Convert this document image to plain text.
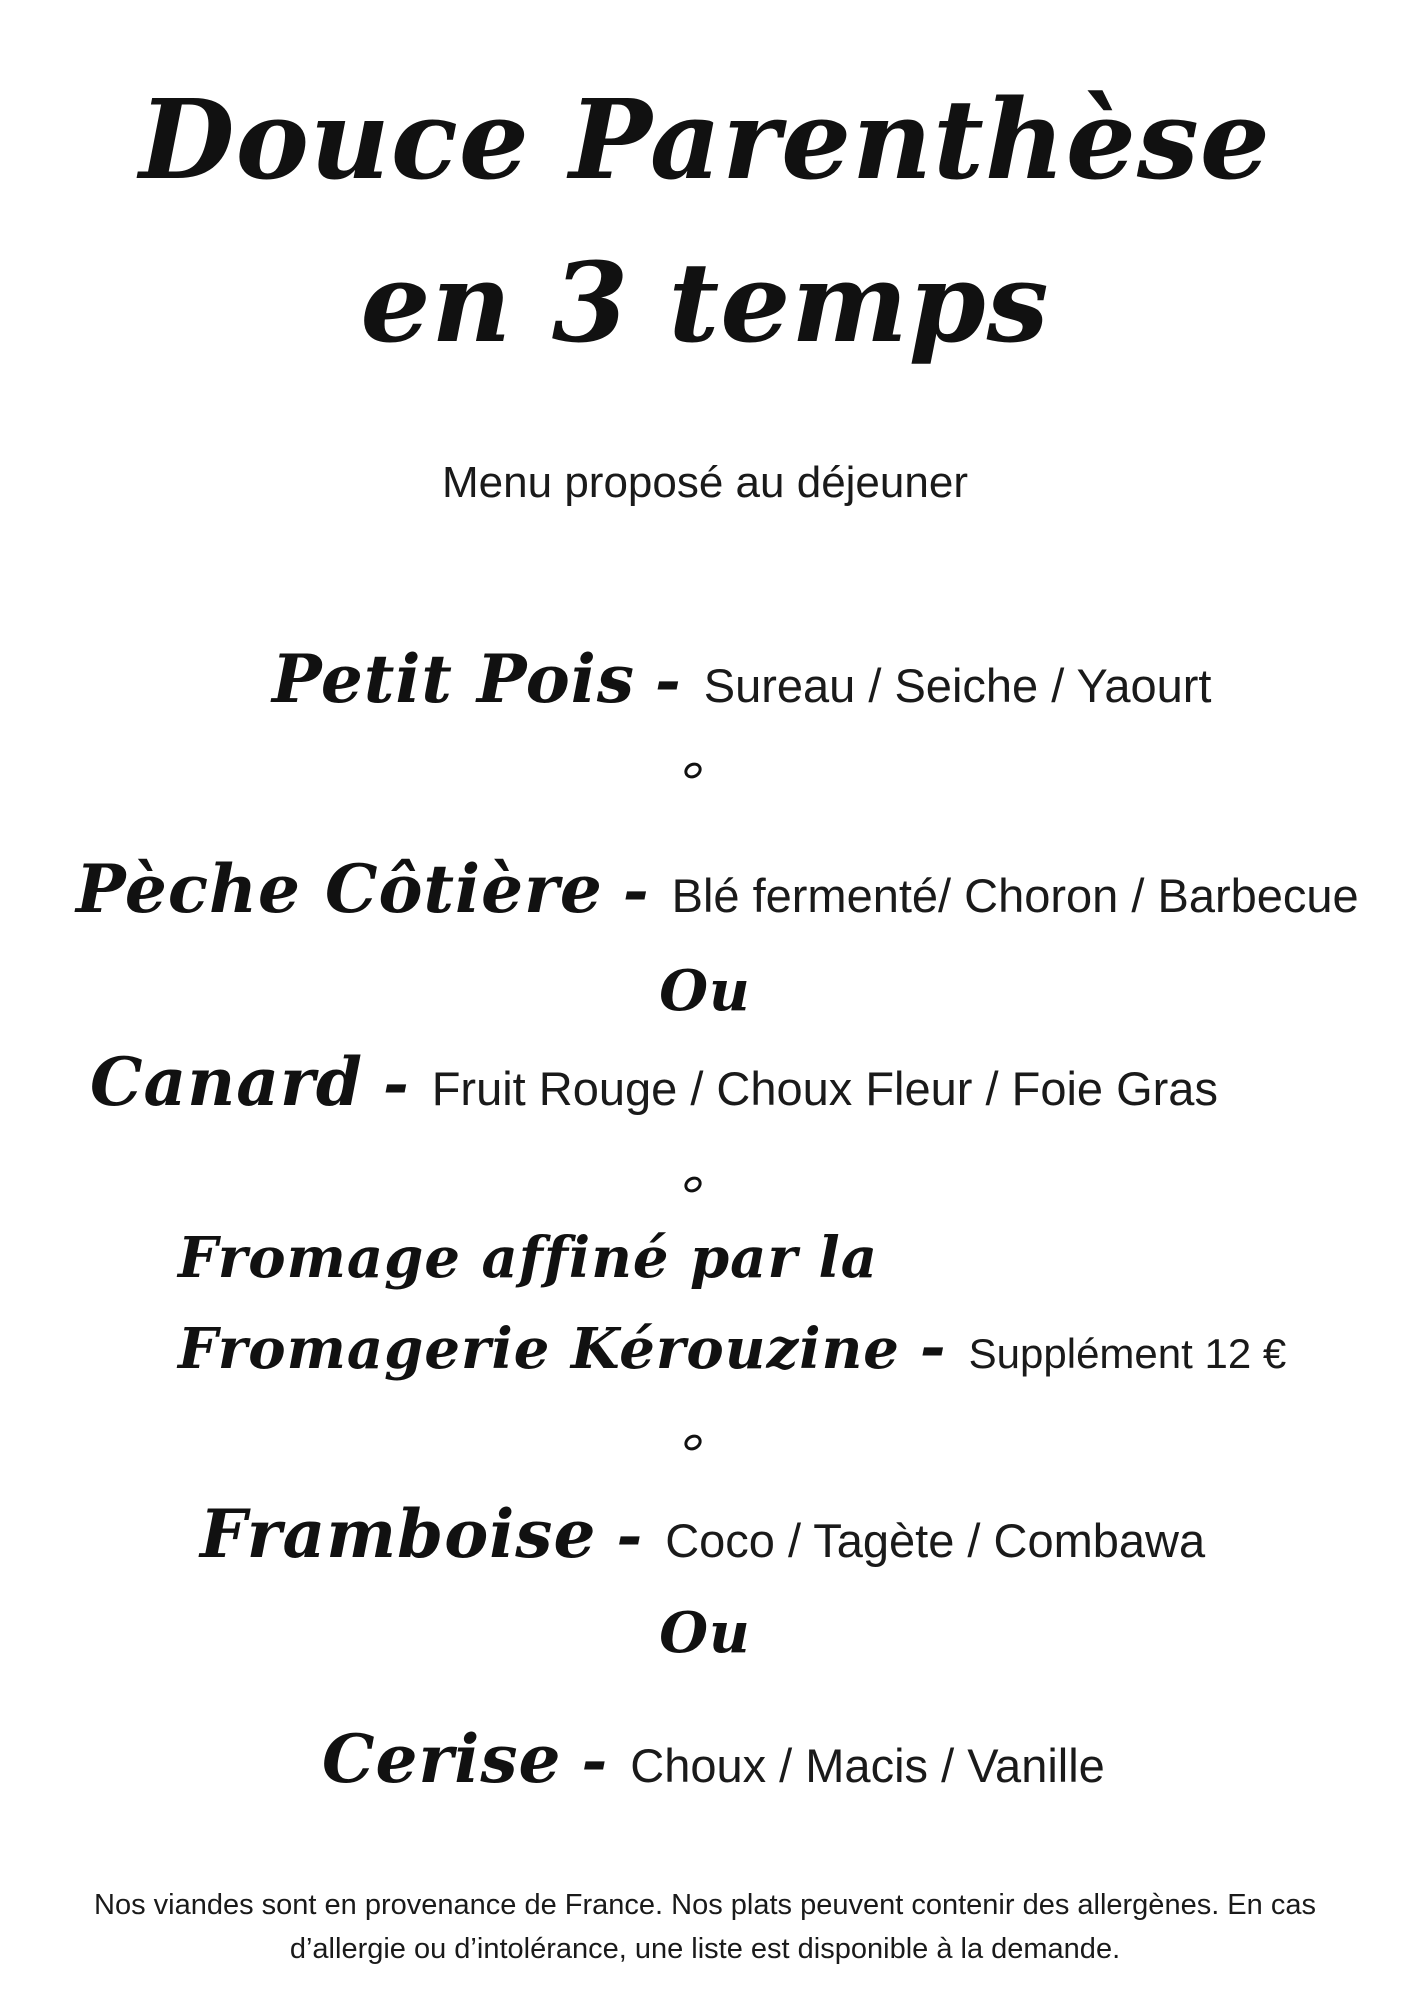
Douce Parenthèse
en 3 temps
Menu proposé au déjeuner
Petit Pois - Sureau / Seiche / Yaourt
Pèche Côtière - Blé fermenté/ Choron / Barbecue
Ou
Canard - Fruit Rouge / Choux Fleur / Foie Gras
Fromage affiné par la
Fromagerie Kérouzine - Supplément 12 €
Framboise - Coco / Tagète / Combawa
Ou
Cerise - Choux / Macis / Vanille
Nos viandes sont en provenance de France. Nos plats peuvent contenir des allergènes. En cas
d’allergie ou d’intolérance, une liste est disponible à la demande.
